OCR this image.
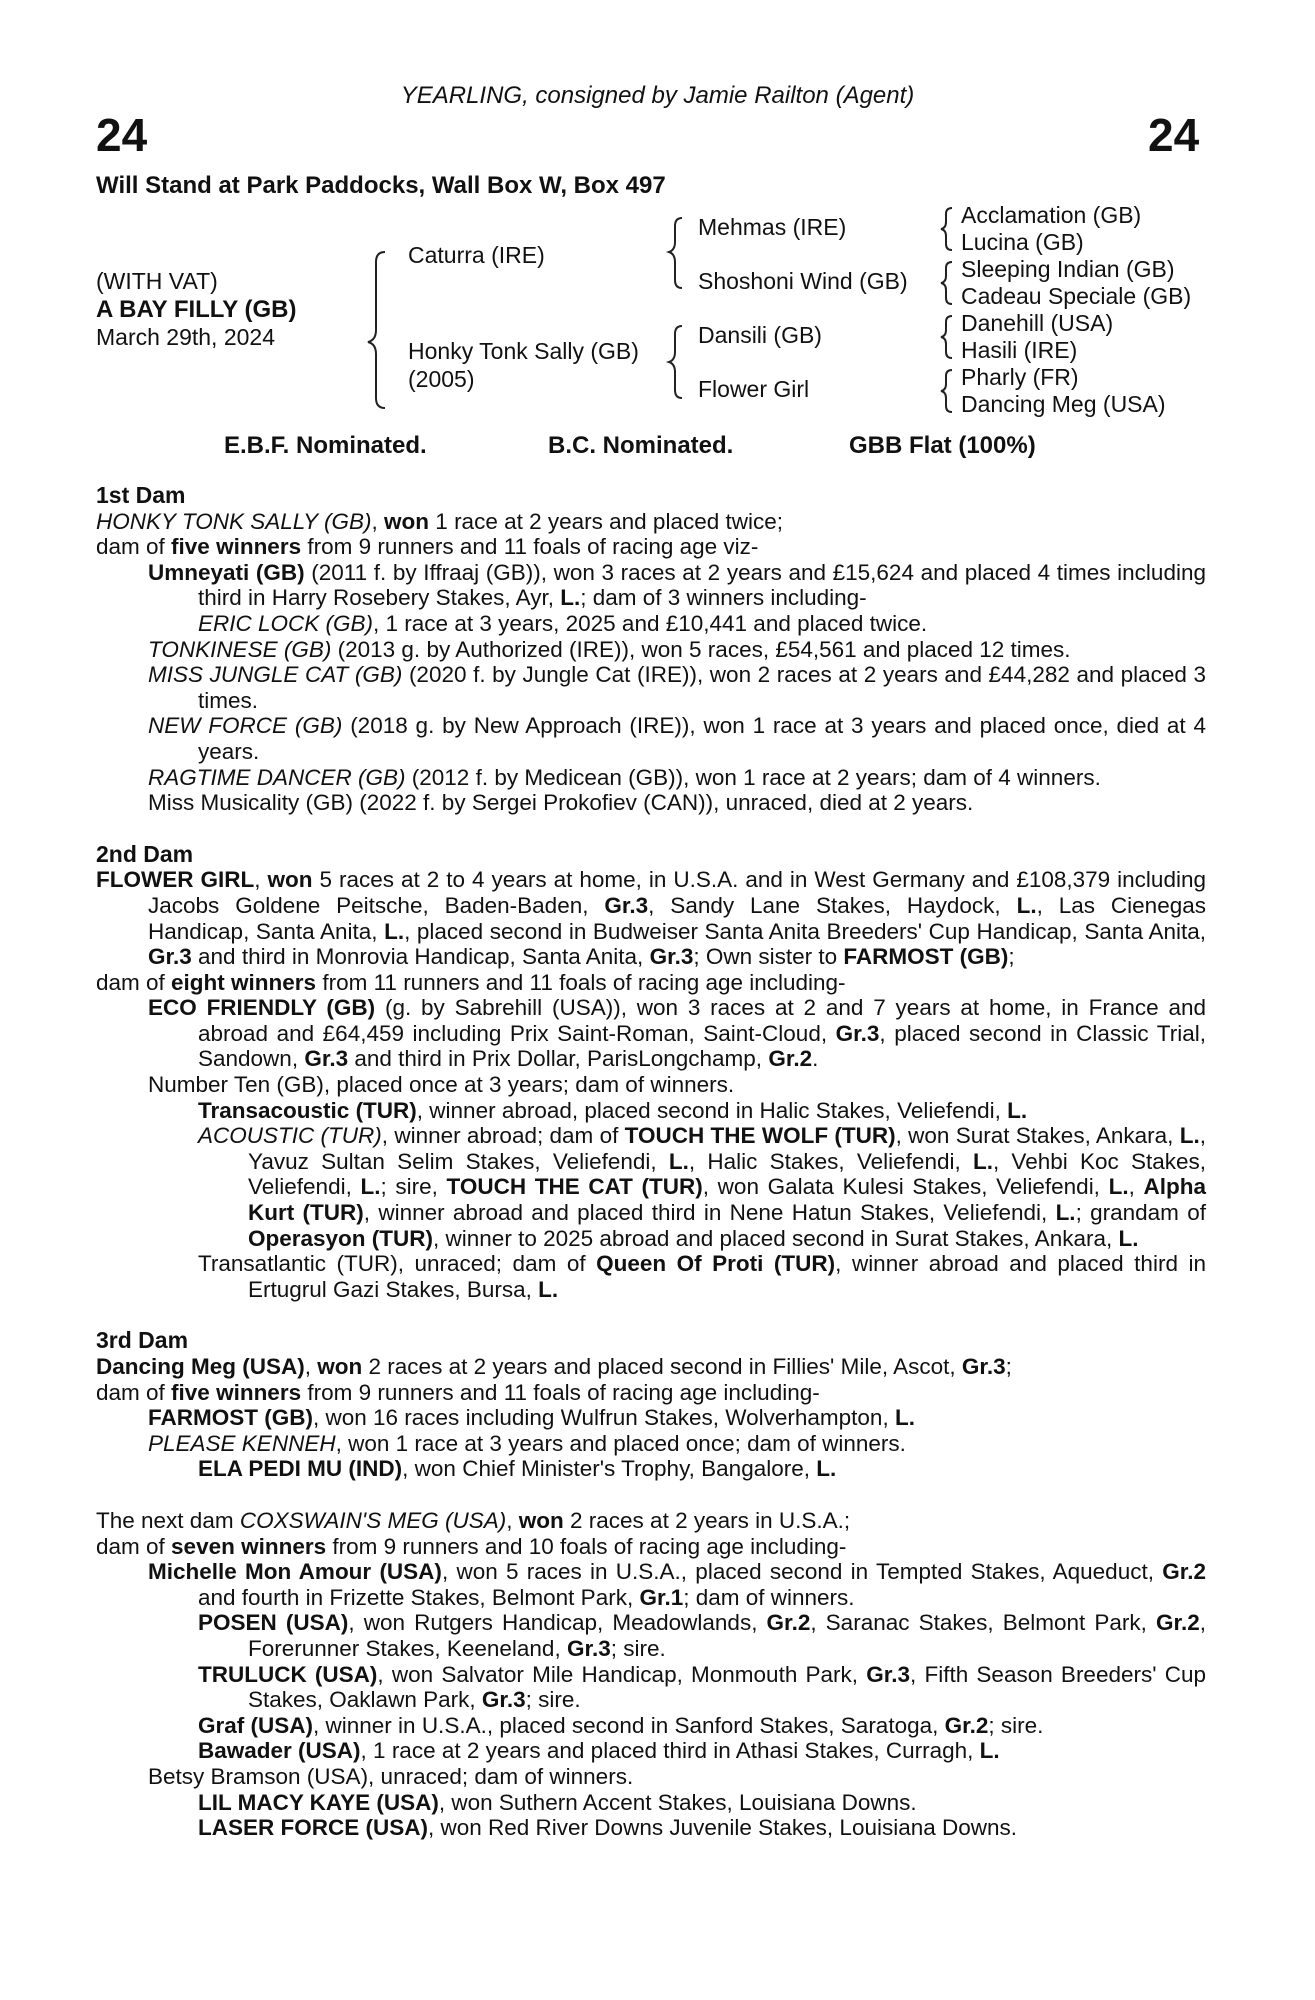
YEARLING, consigned by Jamie Railton (Agent)
24	24
Will Stand at Park Paddocks, Wall Box W, Box 497
(WITH VAT)
A BAY FILLY (GB)
March 29th, 2024
Caturra (IRE)
Honky Tonk Sally (GB)
(2005)
Mehmas (IRE)
Shoshoni Wind (GB)
Dansili (GB)
Flower Girl
Acclamation (GB)
Lucina (GB)
Sleeping Indian (GB)
Cadeau Speciale (GB)
Danehill (USA)
Hasili (IRE)
Pharly (FR)
Dancing Meg (USA)
E.B.F. Nominated.	B.C. Nominated.	GBB Flat (100%)

1st Dam

HONKY TONK SALLY (GB), won 1 race at 2 years and placed twice;

dam of five winners from 9 runners and 11 foals of racing age viz-

Umneyati (GB) (2011 f. by Iffraaj (GB)), won 3 races at 2 years and £15,624 and placed 4 times including third in Harry Rosebery Stakes, Ayr, L.; dam of 3 winners including-

ERIC LOCK (GB), 1 race at 3 years, 2025 and £10,441 and placed twice.

TONKINESE (GB) (2013 g. by Authorized (IRE)), won 5 races, £54,561 and placed 12 times.

MISS JUNGLE CAT (GB) (2020 f. by Jungle Cat (IRE)), won 2 races at 2 years and £44,282 and placed 3 times.

NEW FORCE (GB) (2018 g. by New Approach (IRE)), won 1 race at 3 years and placed once, died at 4 years.

RAGTIME DANCER (GB) (2012 f. by Medicean (GB)), won 1 race at 2 years; dam of 4 winners.

Miss Musicality (GB) (2022 f. by Sergei Prokofiev (CAN)), unraced, died at 2 years.

2nd Dam

FLOWER GIRL, won 5 races at 2 to 4 years at home, in U.S.A. and in West Germany and £108,379 including Jacobs Goldene Peitsche, Baden-Baden, Gr.3, Sandy Lane Stakes, Haydock, L., Las Cienegas Handicap, Santa Anita, L., placed second in Budweiser Santa Anita Breeders' Cup Handicap, Santa Anita, Gr.3 and third in Monrovia Handicap, Santa Anita, Gr.3; Own sister to FARMOST (GB);

dam of eight winners from 11 runners and 11 foals of racing age including-

ECO FRIENDLY (GB) (g. by Sabrehill (USA)), won 3 races at 2 and 7 years at home, in France and abroad and £64,459 including Prix Saint-Roman, Saint-Cloud, Gr.3, placed second in Classic Trial, Sandown, Gr.3 and third in Prix Dollar, ParisLongchamp, Gr.2.

Number Ten (GB), placed once at 3 years; dam of winners.

Transacoustic (TUR), winner abroad, placed second in Halic Stakes, Veliefendi, L.

ACOUSTIC (TUR), winner abroad; dam of TOUCH THE WOLF (TUR), won Surat Stakes, Ankara, L., Yavuz Sultan Selim Stakes, Veliefendi, L., Halic Stakes, Veliefendi, L., Vehbi Koc Stakes, Veliefendi, L.; sire, TOUCH THE CAT (TUR), won Galata Kulesi Stakes, Veliefendi, L., Alpha Kurt (TUR), winner abroad and placed third in Nene Hatun Stakes, Veliefendi, L.; grandam of Operasyon (TUR), winner to 2025 abroad and placed second in Surat Stakes, Ankara, L.

Transatlantic (TUR), unraced; dam of Queen Of Proti (TUR), winner abroad and placed third in Ertugrul Gazi Stakes, Bursa, L.

3rd Dam

Dancing Meg (USA), won 2 races at 2 years and placed second in Fillies' Mile, Ascot, Gr.3;

dam of five winners from 9 runners and 11 foals of racing age including-

FARMOST (GB), won 16 races including Wulfrun Stakes, Wolverhampton, L.

PLEASE KENNEH, won 1 race at 3 years and placed once; dam of winners.

ELA PEDI MU (IND), won Chief Minister's Trophy, Bangalore, L.

The next dam COXSWAIN'S MEG (USA), won 2 races at 2 years in U.S.A.;

dam of seven winners from 9 runners and 10 foals of racing age including-

Michelle Mon Amour (USA), won 5 races in U.S.A., placed second in Tempted Stakes, Aqueduct, Gr.2 and fourth in Frizette Stakes, Belmont Park, Gr.1; dam of winners.

POSEN (USA), won Rutgers Handicap, Meadowlands, Gr.2, Saranac Stakes, Belmont Park, Gr.2, Forerunner Stakes, Keeneland, Gr.3; sire.

TRULUCK (USA), won Salvator Mile Handicap, Monmouth Park, Gr.3, Fifth Season Breeders' Cup Stakes, Oaklawn Park, Gr.3; sire.

Graf (USA), winner in U.S.A., placed second in Sanford Stakes, Saratoga, Gr.2; sire.

Bawader (USA), 1 race at 2 years and placed third in Athasi Stakes, Curragh, L.

Betsy Bramson (USA), unraced; dam of winners.

LIL MACY KAYE (USA), won Suthern Accent Stakes, Louisiana Downs.

LASER FORCE (USA), won Red River Downs Juvenile Stakes, Louisiana Downs.
